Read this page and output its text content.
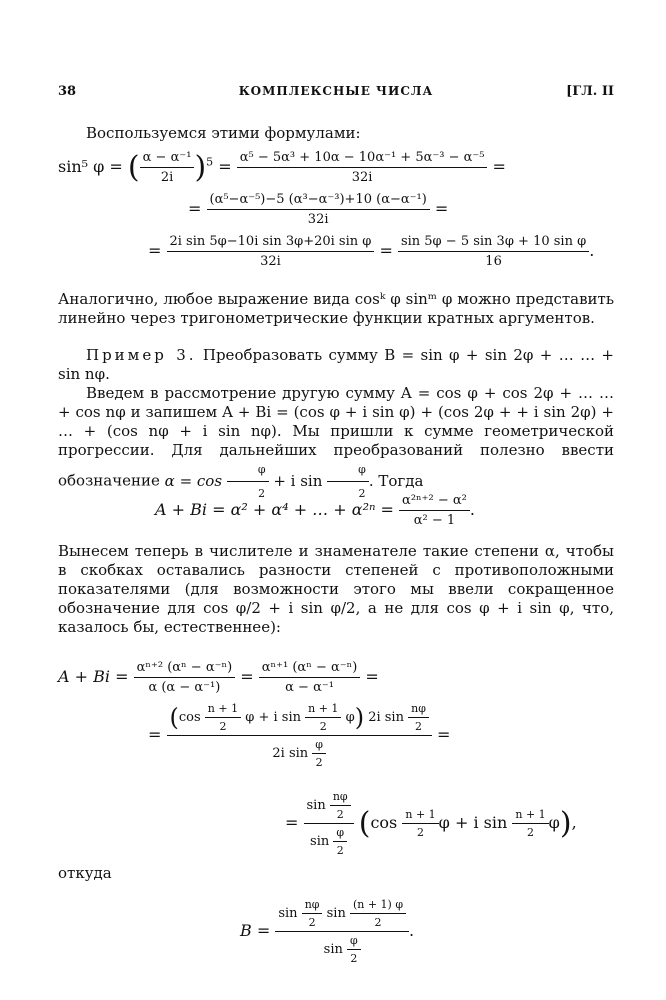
38	КОМПЛЕКСНЫЕ ЧИСЛА	[ГЛ. II
Воспользуемся этими формулами:
sin⁵ φ = ( $\frac{\text{α − α⁻¹}}{2i} )^5 = \frac{\text{α⁵ − 5α³ + 10α − 10α⁻¹ + 5α⁻³ − α⁻⁵}}{32i}$ =
= $\frac{\text{(α⁵−α⁻⁵)−5 (α³−α⁻³)+10 (α−α⁻¹)}}{32i}$ =
= $\frac{\text{2i sin 5φ−10i sin 3φ+20i sin φ}}{32i} = \frac{\text{sin 5φ − 5 sin 3φ + 10 sin φ}}{16}$ .
Аналогично, любое выражение вида cosᵏ φ sinᵐ φ можно представить линейно через тригонометрические функции кратных аргументов.
Пример 3. Преобразовать сумму B = sin φ + sin 2φ + … … + sin nφ.
Введем в рассмотрение другую сумму A = cos φ + cos 2φ + … … + cos nφ и запишем A + Bi = (cos φ + i sin φ) + (cos 2φ + + i sin 2φ) + … + (cos nφ + i sin nφ). Мы пришли к сумме геометрической прогрессии. Для дальнейших преобразований полезно ввести обозначение $\alpha = \cos \frac{\varphi}{2} + i$ $\sin \frac{\varphi}{2}$ . Тогда
A + Bi = α² + α⁴ + … + $\alpha^{2n} = \frac{\text{α²ⁿ⁺² − α²}}{\text{α² − 1}}$ .
Вынесем теперь в числителе и знаменателе такие степени α, чтобы в скобках оставались разности степеней с противоположными показателями (для возможности этого мы ввели сокращенное обозначение для cos φ/2 + i sin φ/2, а не для cos φ + i sin φ, что, казалось бы, естественнее):
$A + Bi = \frac{\text{αⁿ⁺² (αⁿ − α⁻ⁿ)}}{\text{α (α − α⁻¹)}} = \frac{\text{αⁿ⁺¹ (αⁿ − α⁻ⁿ)}}{\text{α − α⁻¹}}$ =
=
($\cos \frac{n + 1}{2}$ φ + i $\sin \frac{n + 1}{2} \varphi$) 2i $\sin \frac{n\varphi}{2}$
2i $\sin \frac{\varphi}{2}$
=
= $\frac{\sin \frac{n\varphi}{2}}{\sin \frac{\varphi}{2}} (\cos \frac{n + 1}{2}$ φ + i $\sin \frac{n + 1}{2} \varphi$),
откуда
$B = \frac{\sin \frac{n\varphi}{2} \sin \frac{(n + 1) \varphi}{2}}{\sin \frac{\varphi}{2}}$ .
